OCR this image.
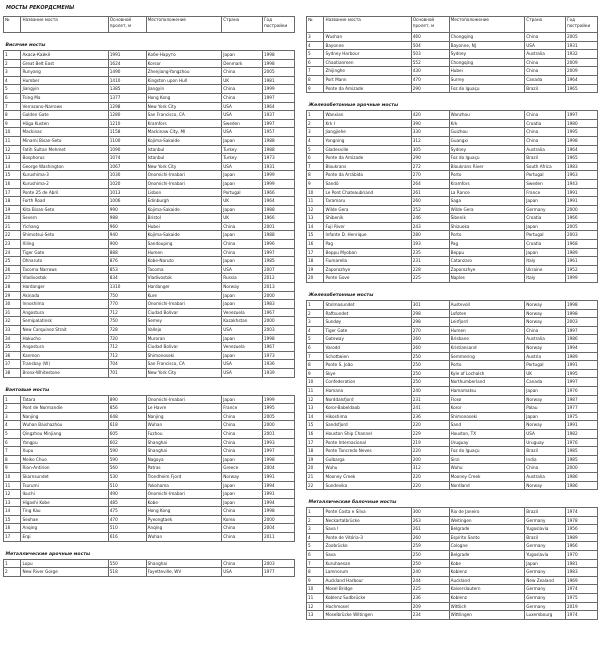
МОСТЫ РЕКОРДСМЕНЫ
№	Название моста	Основной пролет, м	Местоположение	Страна	Год постройки

Висячие мосты					
1	Акаси-Кайкё	1991	Кобе-Наруто	Japan	1998
2	Great Belt East	1624	Korsor	Denmark	1998
3	Runyang	1490	Zhenjiang-Yangzhou	China	2005
4	Humber	1410	Kingston upon Hull	UK	1981
5	Jiangyin	1385	Jiangyin	China	1999
6	Tsing Ma	1377	Hong Kong	China	1997
7	Verrazano-Narrows	1298	New York City	USA	1964
8	Golden Gate	1280	San Francisco, CA	USA	1937
9	Höga Kusten	1210	Kramfors	Sweden	1997
10	Mackinac	1158	Mackinaw City, MI	USA	1957
11	Minami Bisan-Seto	1100	Kojima-Sakaide	Japan	1988
12	Fatih Sultan Mehmet	1090	Istanbul	Turkey	1988
13	Bosphorus	1074	Istanbul	Turkey	1973
14	George Washington	1067	New York City	USA	1931
15	Kurushima-3	1030	Onomichi-Imabari	Japan	1999
16	Kurushima-2	1020	Onomichi-Imabari	Japan	1999
17	Ponte 25 de Abril	1013	Lisbon	Portugal	1966
18	Forth Road	1006	Edinburgh	UK	1964
19	Kita Bisan-Seto	990	Kojima-Sakaide	Japan	1988
20	Severn	988	Bristol	UK	1966
21	Yichang	960	Hubei	China	2001
22	Shimotsui-Seto	940	Kojima-Sakaide	Japan	1988
23	Xiling	900	Sandouping	China	1996
24	Tiger Gate	888	Humen	China	1997
25	Ohnaruto	876	Kobe-Naruto	Japan	1985
26	Tacoma Narrows	853	Tacoma	USA	2007
27	Vladivostok	834	Vladivostok	Russia	2012
28	Hardanger	1310	Hardanger	Norway	2013
29	Akinada	750	Kure	Japan	2000
30	Innoshima	770	Onomichi-Imabari	Japan	1983
31	Angostura	712	Ciudad Bolívar	Venezuela	1967
32	Semipalatinsk	750	Semey	Kazakhstan	2000
33	New Carquinez Strait	728	Vallejo	USA	2003
34	Hakucho	720	Muroran	Japan	1998
35	Angostura	712	Ciudad Bolívar	Venezuela	1967
36	Kanmon	712	Shimonoseki	Japan	1973
37	Transbay (W)	704	San Francisco, CA	USA	1936
38	Bronx-Whitestone	701	New York City	USA	1939

Вантовые мосты					
1	Tatara	890	Onomichi-Imabari	Japan	1999
2	Pont de Normandie	856	Le Havre	France	1995
3	Nanjing	648	Nanjing	China	2005
4	Wuhan Baishazhou	618	Wuhan	China	2000
5	Qingzhou Minjiang	605	Fuzhou	China	2001
6	Yangpu	602	Shanghai	China	1993
7	Xupu	590	Shanghai	China	1997
8	Meiko Chuo	590	Nagoya	Japan	1998
9	Rion-Antirion	560	Patras	Greece	2004
10	Skarnsundet	530	Trondheim Fjord	Norway	1991
11	Tsurumi	510	Yokohama	Japan	1994
12	Ikuchi	490	Onomichi-Imabari	Japan	1991
13	Higashi Kobe	485	Kobe	Japan	1994
14	Ting Kau	475	Hong Kong	China	1998
15	Seohae	470	Pyeongtaek	Korea	2000
16	Anqing	510	Anqing	China	2004
17	Erqi	616	Wuhan	China	2011

Металлические арочные мосты					
1	Lupu	550	Shanghai	China	2003
2	New River Gorge	518	Fayetteville, WV	USA	1977
№	Название моста	Основной пролет, м	Местоположение	Страна	Год постройки
3	Wushan	460	Chongqing	China	2005
4	Bayonne	504	Bayonne, NJ	USA	1931
5	Sydney Harbour	503	Sydney	Australia	1932
6	Chaotianmen	552	Chongqing	China	2009
7	Zhijinghe	430	Hubei	China	2009
8	Port Mann	470	Surrey	Canada	1964
9	Ponte da Amizade	290	Foz do Iguaçu	Brazil	1965

Железобетонные арочные мосты					
1	Wanxian	420	Wanzhou	China	1997
2	Krk I	390	Krk	Croatia	1980
3	Jiangjiehe	330	Guizhou	China	1995
4	Yongning	312	Guangxi	China	1998
5	Gladesville	305	Sydney	Australia	1964
6	Ponte da Amizade	290	Foz do Iguaçu	Brazil	1965
7	Bloukrans	272	Bloukrans River	South Africa	1983
8	Ponte da Arrábida	270	Porto	Portugal	1963
9	Sandö	264	Kramfors	Sweden	1943
10	Le Pont Chateaubriand	261	La Rance	France	1991
11	Taramaru	260	Saga	Japan	1991
12	Wilde Gera	252	Wilde Gera	Germany	2000
13	Shibenik	246	Šibenik	Croatia	1966
14	Fuji River	243	Shizuoka	Japan	2005
15	Infante D. Henrique	280	Porto	Portugal	2003
16	Pag	193	Pag	Croatia	1968
17	Beppu Myoban	235	Beppu	Japan	1989
18	Fiumarella	231	Catanzaro	Italy	1961
19	Zaporozhye	228	Zaporozhye	Ukraine	1952
20	Ponte Gove	225	Naples	Italy	1999

Железобетонные мосты					
1	Stolmasundet	301	Austevoll	Norway	1998
2	Raftsundet	298	Lofoten	Norway	1998
3	Sundøy	298	Leirfjord	Norway	2003
4	Tiger Gate	270	Humen	China	1997
5	Gateway	260	Brisbane	Australia	1986
6	Varodd	260	Kristiansand	Norway	1994
7	Schottwien	250	Semmering	Austria	1989
8	Ponte S. João	250	Porto	Portugal	1991
9	Skye	250	Kyle of Lochalsh	UK	1995
10	Confederation	250	Northumberland	Canada	1997
11	Hamana	240	Hamamatsu	Japan	1976
12	Norddalsfjord	231	Florø	Norway	1987
13	Koror-Babeldaob	241	Koror	Palau	1977
14	Hikoshima	236	Shimonoseki	Japan	1975
15	Sandsfjord	220	Sand	Norway	1991
16	Houston Ship Channel	229	Houston, TX	USA	1982
17	Ponte Internacional	219	Uruguay	Uruguay	1976
18	Ponte Tancredo Neves	220	Foz do Iguaçu	Brazil	1985
19	Gulbarga	200	Sirzi	India	1985
20	Wuhu	312	Wuhu	China	2000
21	Mooney Creek	220	Mooney Creek	Australia	1986
22	Sundevika	220	Nordland	Norway	1986

Металлические балочные мосты					
1	Ponte Costa e Silva	300	Rio de Janeiro	Brazil	1974
2	Neckartalbrücke	263	Weitingen	Germany	1978
3	Sava I	261	Belgrade	Yugoslavia	1956
4	Ponte de Vitória-3	260	Espírito Santo	Brazil	1989
5	Zoobrücke	259	Cologne	Germany	1966
6	Sava	250	Belgrade	Yugoslavia	1970
7	Kuruhaesan	250	Kobe	Japan	1981
8	Lamnorum	240	Koblenz	Germany	1983
9	Auckland Harbour	244	Auckland	New Zealand	1969
10	Mosel Bridge	225	Kaiserslautern	Germany	1974
11	Koblenz Sudbrücke	236	Koblenz	Germany	1975
12	Hochmosel	209	Wittlich	Germany	2019
13	Moselbrücke Wiltingen	234	Wittlingen	Luxembourg	1974
